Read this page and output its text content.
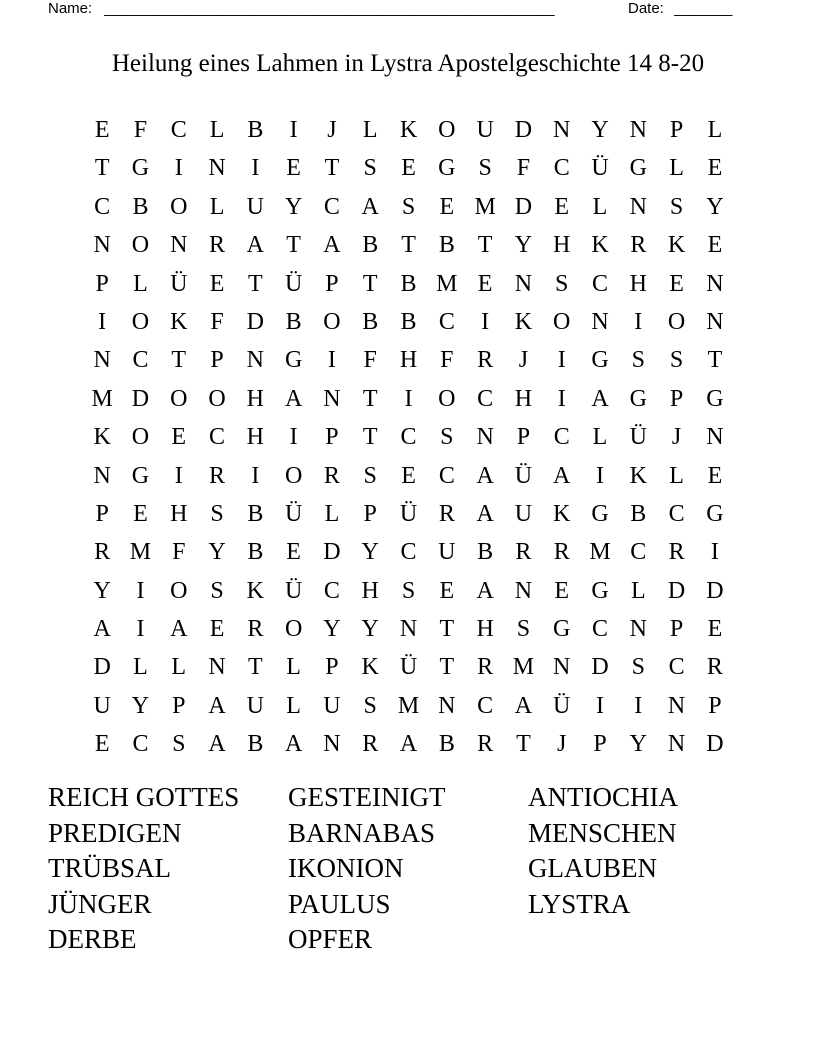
Name: ______________________________________________________	Date: _______
Heilung eines Lahmen in Lystra Apostelgeschichte 14 8-20
E	F C L B	I	J	L K O U D N Y N P	L
T G	I	N	I	E T	S	E G S	F C Ü G L E
C B O L U Y C A S	E M D E L N S Y
N O N R A T A B T B T Y H K R K E
P	L Ü E T Ü P	T B M E N S C H E N
I	O K F D B O B B C	I	K O N	I	O N
N C T	P N G	I	F H F R	J	I	G S	S	T
M D O O H A N T	I	O C H	I	A G P G
K O E C H	I	P	T C S N P C L Ü	J	N
N G	I	R	I	O R S	E C A Ü A	I	K L E
P	E H S B Ü L	P Ü R A U K G B C G
R M F Y B E D Y C U B R R M C R	I
Y	I	O S K Ü C H S	E A N E G L D D
A	I	A E R O Y Y N T H S G C N P	E
D L L N T L	P K Ü T R M N D S C R
U Y P A U L U S M N C A Ü	I	I	N P
E C S A B A N R A B R T	J	P Y N D
REICH GOTTES
PREDIGEN
TRÜBSAL
JÜNGER
DERBE
GESTEINIGT
BARNABAS
IKONION
PAULUS
OPFER
ANTIOCHIA
MENSCHEN
GLAUBEN
LYSTRA
